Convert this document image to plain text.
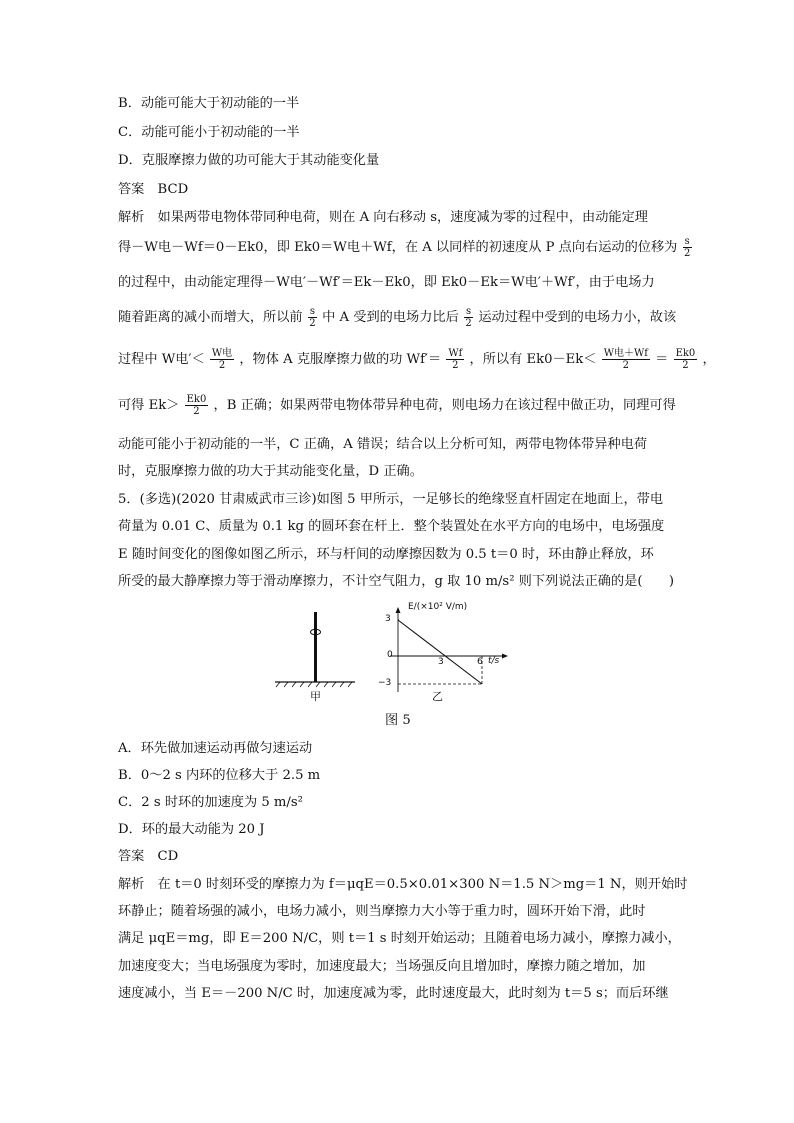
B．动能可能大于初动能的一半
C．动能可能小于初动能的一半
D．克服摩擦力做的功可能大于其动能变化量
答案　BCD
解析　如果两带电物体带同种电荷，则在 A 向右移动 s，速度减为零的过程中，由动能定理
得－W电－Wf＝0－Ek0，即 Ek0＝W电＋Wf，在 A 以同样的初速度从 P 点向右运动的位移为 $\frac{s}{2}$
的过程中，由动能定理得－W电′－Wf′＝Ek－Ek0，即 Ek0－Ek＝W电′＋Wf′，由于电场力
随着距离的减小而增大，所以前 $\frac{s}{2}$ 中 A 受到的电场力比后 $\frac{s}{2}$ 运动过程中受到的电场力小，故该
过程中 W电′＜ $\frac{\text{W电}}{2}$ ，物体 A 克服摩擦力做的功 $Wf'= \frac{Wf}{2}$ ，所以有 $Ek0-Ek< \frac{\text{W电＋Wf}}{2} = \frac{Ek0}{2}$ ，
可得 $Ek> \frac{Ek0}{2}$ ，B 正确；如果两带电物体带异种电荷，则电场力在该过程中做正功，同理可得
动能可能小于初动能的一半，C 正确，A 错误；结合以上分析可知，两带电物体带异种电荷
时，克服摩擦力做的功大于其动能变化量，D 正确。
5．(多选)(2020 甘肃威武市三诊)如图 5 甲所示，一足够长的绝缘竖直杆固定在地面上，带电
荷量为 0.01 C、质量为 0.1 kg 的圆环套在杆上．整个装置处在水平方向的电场中，电场强度
E 随时间变化的图像如图乙所示，环与杆间的动摩擦因数为 0.5 t＝0 时，环由静止释放，环
所受的最大静摩擦力等于滑动摩擦力，不计空气阻力，g 取 10 m/s² 则下列说法正确的是(　　)
E/(×10² V/m)
t/s
3
0
−3
3	6
甲	乙
图 5
A．环先做加速运动再做匀速运动
B．0～2 s 内环的位移大于 2.5 m
C．2 s 时环的加速度为 5 m/s²
D．环的最大动能为 20 J
答案　CD
解析　在 t＝0 时刻环受的摩擦力为 f＝μqE＝0.5×0.01×300 N＝1.5 N＞mg＝1 N，则开始时
环静止；随着场强的减小，电场力减小，则当摩擦力大小等于重力时，圆环开始下滑，此时
满足 μqE＝mg，即 E＝200 N/C，则 t＝1 s 时刻开始运动；且随着电场力减小，摩擦力减小，
加速度变大；当电场强度为零时，加速度最大；当场强反向且增加时，摩擦力随之增加，加
速度减小，当 E＝－200 N/C 时，加速度减为零，此时速度最大，此时刻为 t＝5 s；而后环继
